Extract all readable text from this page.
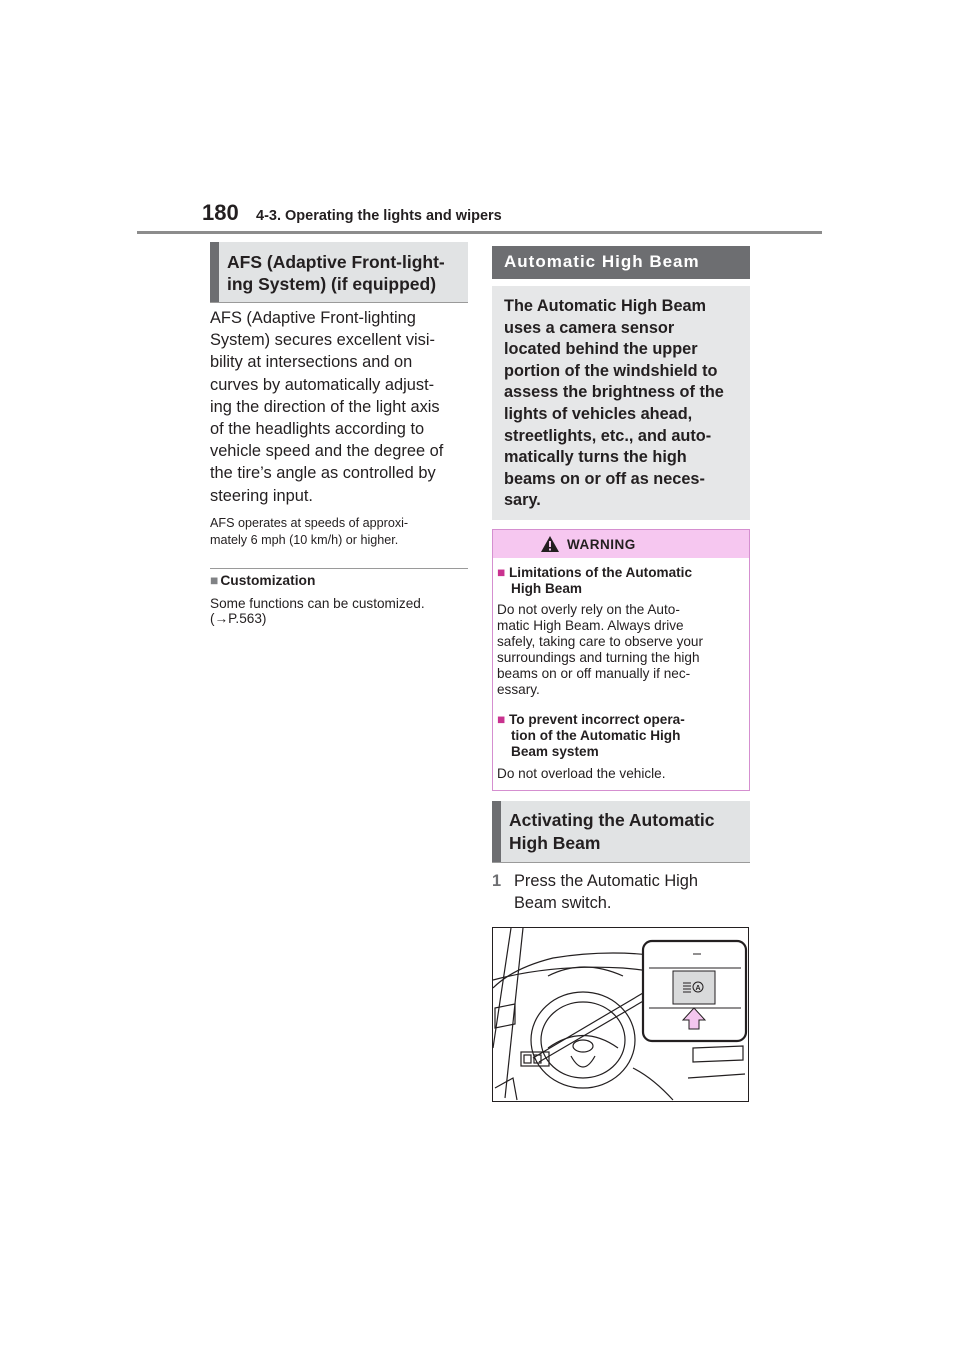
180 4-3. Operating the lights and wipers
AFS (Adaptive Front-light-
ing System) (if equipped)
AFS (Adaptive Front-lighting
System) secures excellent visi-
bility at intersections and on
curves by automatically adjust-
ing the direction of the light axis
of the headlights according to
vehicle speed and the degree of
the tire’s angle as controlled by
steering input.
AFS operates at speeds of approxi-
mately 6 mph (10 km/h) or higher.
■ Customization
Some functions can be customized.
(→P.563)
Automatic High Beam
The Automatic High Beam
uses a camera sensor
located behind the upper
portion of the windshield to
assess the brightness of the
lights of vehicles ahead,
streetlights, etc., and auto-
matically turns the high
beams on or off as neces-
sary.
WARNING
■ Limitations of the Automatic
High Beam
Do not overly rely on the Auto-
matic High Beam. Always drive
safely, taking care to observe your
surroundings and turning the high
beams on or off manually if nec-
essary.
■ To prevent incorrect opera-
tion of the Automatic High
Beam system
Do not overload the vehicle.
Activating the Automatic
High Beam
1 Press the Automatic High
Beam switch.
A
